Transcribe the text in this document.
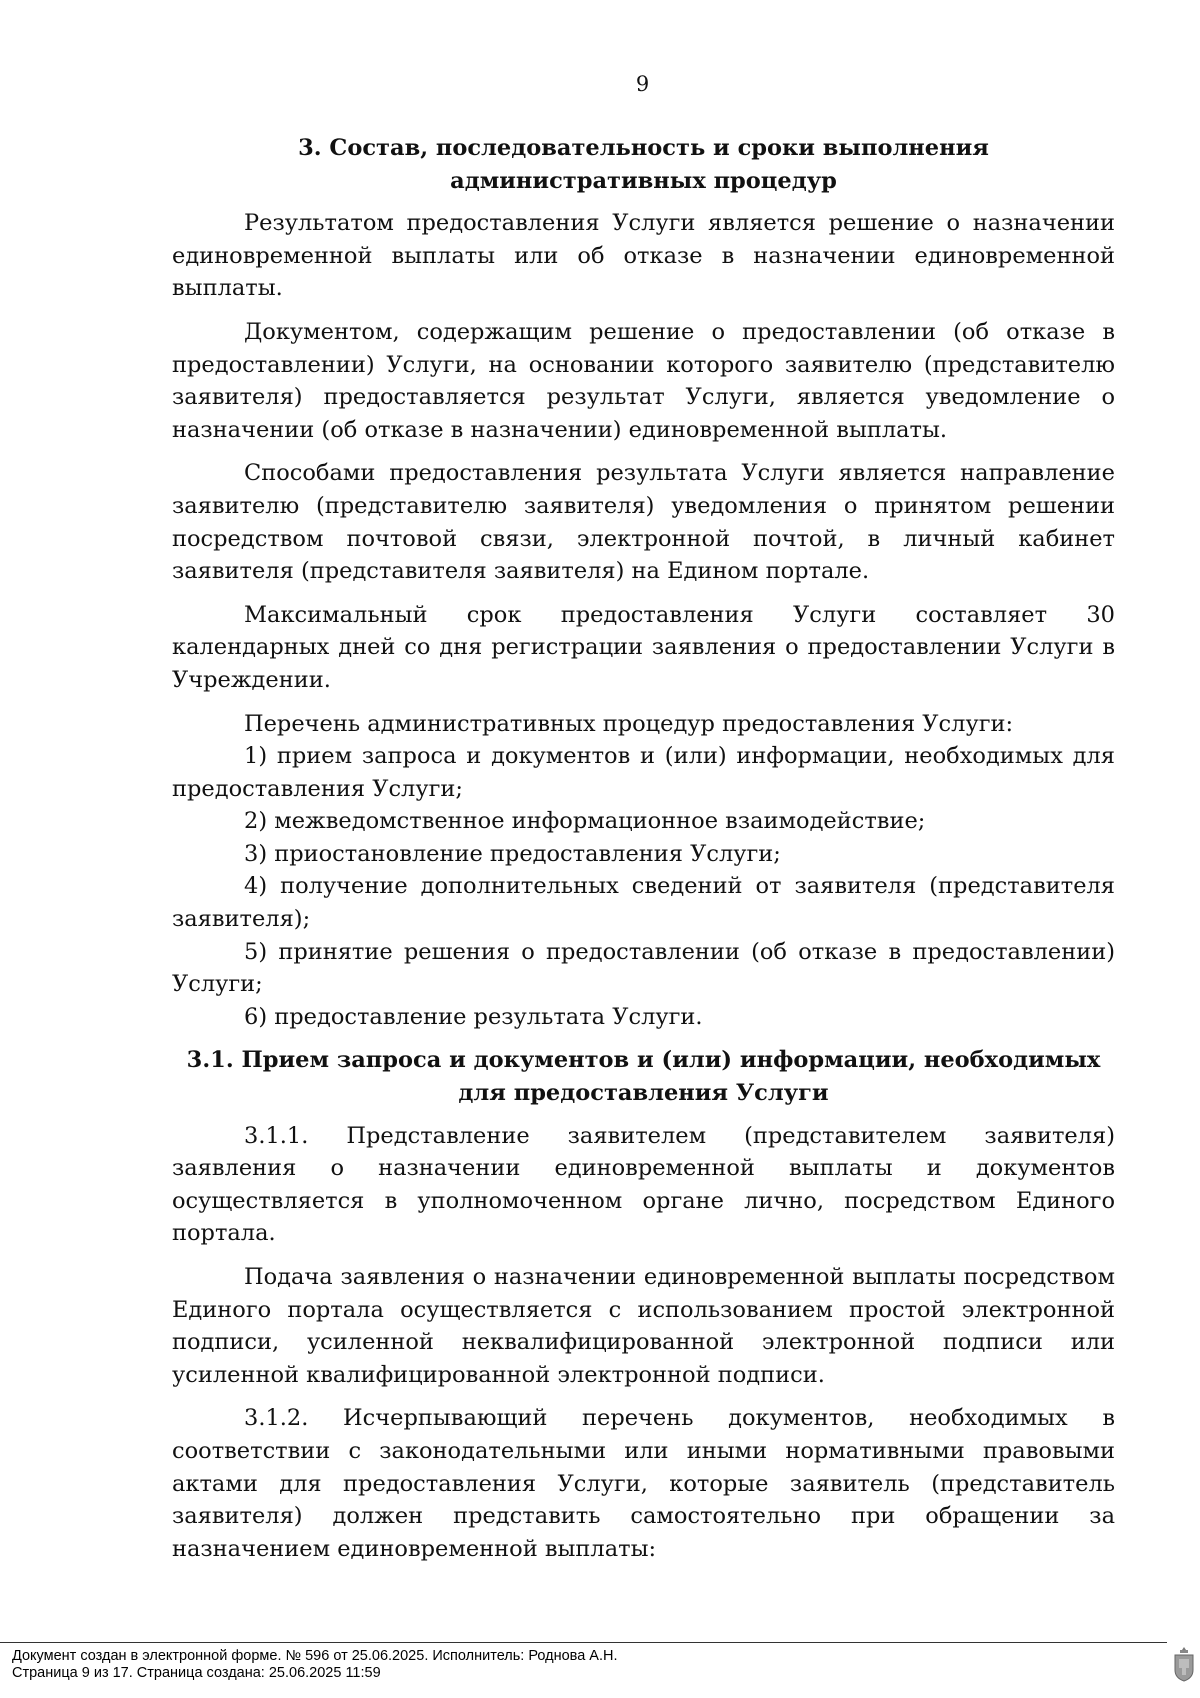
9
3. Состав, последовательность и сроки выполнения административных процедур

Результатом предоставления Услуги является решение о назначении единовременной выплаты или об отказе в назначении единовременной выплаты.

Документом, содержащим решение о предоставлении (об отказе в предоставлении) Услуги, на основании которого заявителю (представителю заявителя) предоставляется результат Услуги, является уведомление о назначении (об отказе в назначении) единовременной выплаты.

Способами предоставления результата Услуги является направление заявителю (представителю заявителя) уведомления о принятом решении посредством почтовой связи, электронной почтой, в личный кабинет заявителя (представителя заявителя) на Едином портале.

Максимальный срок предоставления Услуги составляет 30 календарных дней со дня регистрации заявления о предоставлении Услуги в Учреждении.

Перечень административных процедур предоставления Услуги:

1) прием запроса и документов и (или) информации, необходимых для предоставления Услуги;

2) межведомственное информационное взаимодействие;

3) приостановление предоставления Услуги;

4) получение дополнительных сведений от заявителя (представителя заявителя);

5) принятие решения о предоставлении (об отказе в предоставлении) Услуги;

6) предоставление результата Услуги.

3.1. Прием запроса и документов и (или) информации, необходимых для предоставления Услуги

3.1.1. Представление заявителем (представителем заявителя) заявления о назначении единовременной выплаты и документов осуществляется в уполномоченном органе лично, посредством Единого портала.

Подача заявления о назначении единовременной выплаты посредством Единого портала осуществляется с использованием простой электронной подписи, усиленной неквалифицированной электронной подписи или усиленной квалифицированной электронной подписи.

3.1.2. Исчерпывающий перечень документов, необходимых в соответствии с законодательными или иными нормативными правовыми актами для предоставления Услуги, которые заявитель (представитель заявителя) должен представить самостоятельно при обращении за назначением единовременной выплаты:

Документ создан в электронной форме. № 596 от 25.06.2025. Исполнитель: Роднова А.Н.
Страница 9 из 17. Страница создана: 25.06.2025 11:59
